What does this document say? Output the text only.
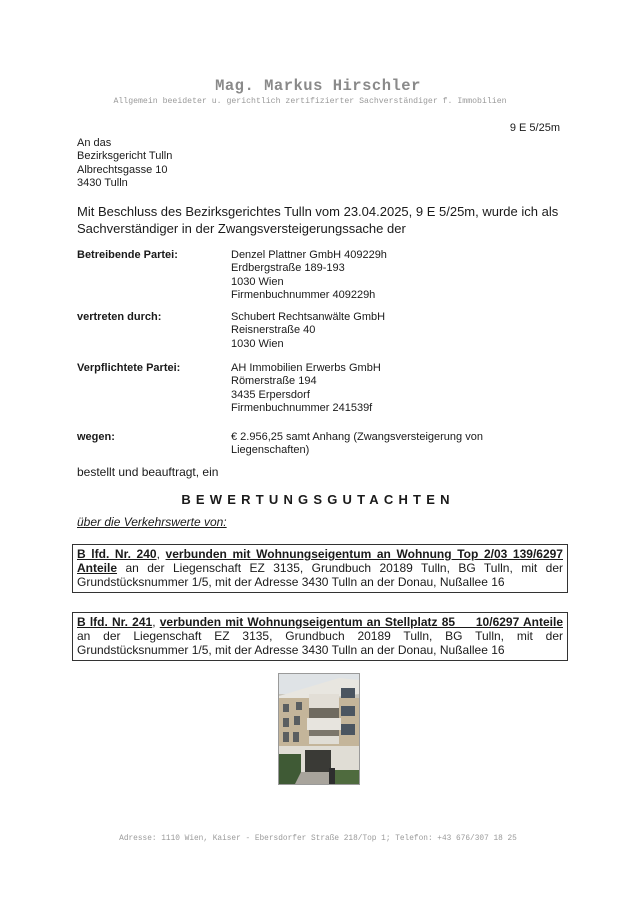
Mag. Markus Hirschler
Allgemein beeideter u. gerichtlich zertifizierter Sachverständiger f. Immobilien
9 E 5/25m
An das
Bezirksgericht Tulln
Albrechtsgasse 10
3430 Tulln
Mit Beschluss des Bezirksgerichtes Tulln vom 23.04.2025, 9 E 5/25m, wurde ich als Sachverständiger in der Zwangsversteigerungssache der
Betreibende Partei:	Denzel Plattner GmbH 409229h
Erdbergstraße 189-193
1030 Wien
Firmenbuchnummer 409229h
vertreten durch:	Schubert Rechtsanwälte GmbH
Reisnerstraße 40
1030 Wien
Verpflichtete Partei:	AH Immobilien Erwerbs GmbH
Römerstraße 194
3435 Erpersdorf
Firmenbuchnummer 241539f
wegen:	€ 2.956,25 samt Anhang (Zwangsversteigerung von
Liegenschaften)
bestellt und beauftragt, ein
BEWERTUNGSGUTACHTEN
über die Verkehrswerte von:
B lfd. Nr. 240, verbunden mit Wohnungseigentum an Wohnung Top 2/03 139/6297 Anteile an der Liegenschaft EZ 3135, Grundbuch 20189 Tulln, BG Tulln, mit der Grundstücksnummer 1/5, mit der Adresse 3430 Tulln an der Donau, Nußallee 16
B lfd. Nr. 241, verbunden mit Wohnungseigentum an Stellplatz 85     10/6297 Anteile an der Liegenschaft EZ 3135, Grundbuch 20189 Tulln, BG Tulln, mit der Grundstücksnummer 1/5, mit der Adresse 3430 Tulln an der Donau, Nußallee 16
Adresse: 1110 Wien, Kaiser - Ebersdorfer Straße 218/Top 1; Telefon: +43 676/307 18 25
